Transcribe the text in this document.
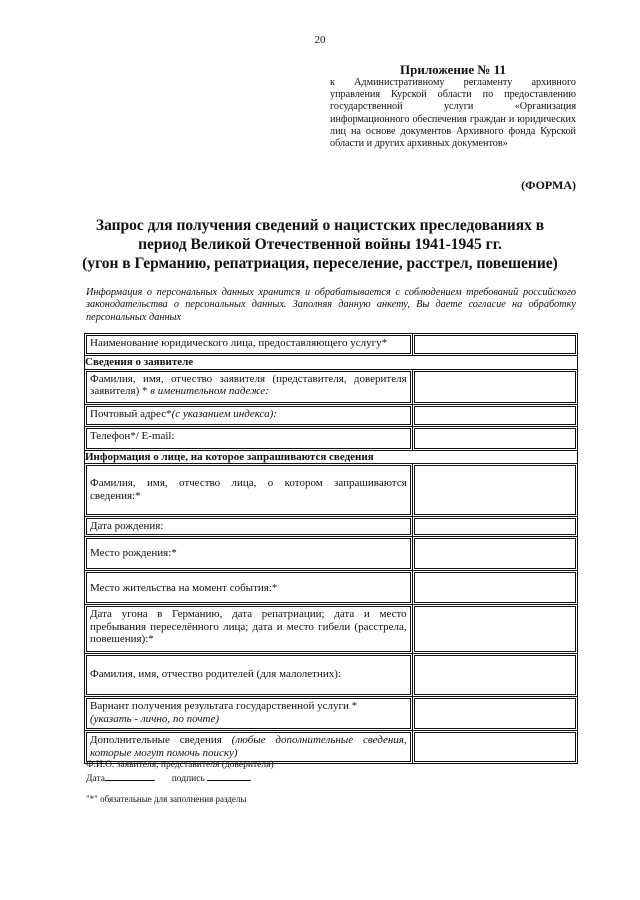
20
Приложение № 11
к Административному регламенту архивного управления Курской области по предоставлению государственной услуги «Организация информационного обеспечения граждан и юридических лиц на основе документов Архивного фонда Курской области и других архивных документов»
(ФОРМА)
Запрос для получения сведений о нацистских преследованиях в
период Великой Отечественной войны 1941-1945 гг.
(угон в Германию, репатриация, переселение, расстрел, повешение)
Информация о персональных данных хранится и обрабатывается с соблюдением требований российского законодательства о персональных данных. Заполняя данную анкету, Вы даете согласие на обработку персональных данных
Наименование юридического лица, предоставляющего услугу*	

Сведения о заявителе	

Фамилия, имя, отчество заявителя (представителя, доверителя заявителя) * в именительном падеже:	

Почтовый адрес*(с указанием индекса):	

Телефон*/ E-mail:	

Информация о лице, на которое запрашиваются сведения	

Фамилия, имя, отчество лица, о котором запрашиваются сведения:*	

Дата рождения:	

Место рождения:*	

Место жительства на момент события:*	

Дата угона в Германию, дата репатриации; дата и место пребывания переселённого лица; дата и место гибели (расстрела, повешения):*	

Фамилия, имя, отчество родителей (для малолетних):	

Вариант получения результата государственной услуги *
(указать - лично, по почте)	

Дополнительные сведения (любые дополнительные сведения, которые могут помочь поиску)	

Ф.И.О. заявителя, представителя (доверителя)
Дата	подпись
"*" обязательные для заполнения разделы
